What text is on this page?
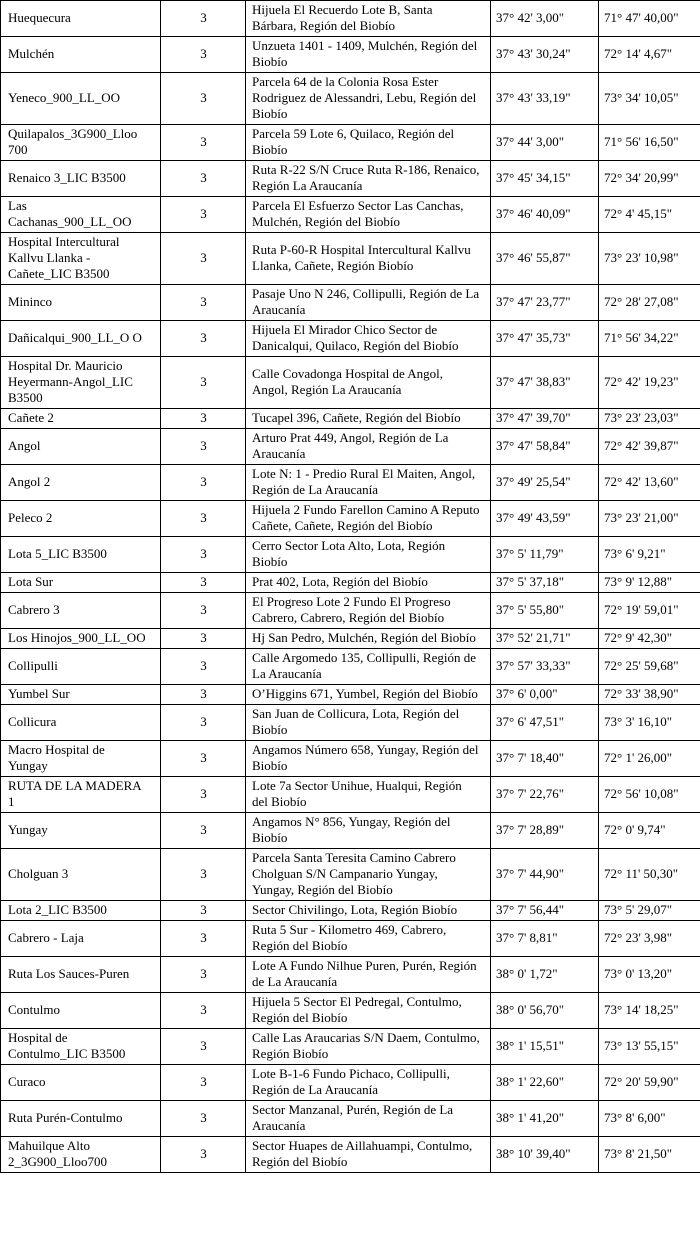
Huequecura	3	Hijuela El Recuerdo Lote B, Santa Bárbara, Región del Biobío	37° 42' 3,00"	71° 47' 40,00"
Mulchén	3	Unzueta 1401 - 1409, Mulchén, Región del Biobío	37° 43' 30,24"	72° 14' 4,67"
Yeneco_900_LL_OO	3	Parcela 64 de la Colonia Rosa Ester Rodriguez de Alessandri, Lebu, Región del Biobío	37° 43' 33,19"	73° 34' 10,05"
Quilapalos_3G900_Lloo 700	3	Parcela 59 Lote 6, Quilaco, Región del Biobío	37° 44' 3,00"	71° 56' 16,50"
Renaico 3_LIC B3500	3	Ruta R-22 S/N Cruce Ruta R-186, Renaico, Región La Araucanía	37° 45' 34,15"	72° 34' 20,99"
Las Cachanas_900_LL_OO	3	Parcela El Esfuerzo Sector Las Canchas, Mulchén, Región del Biobío	37° 46' 40,09"	72° 4' 45,15"
Hospital Intercultural Kallvu Llanka - Cañete_LIC B3500	3	Ruta P-60-R Hospital Intercultural Kallvu Llanka, Cañete, Región Biobío	37° 46' 55,87"	73° 23' 10,98"
Mininco	3	Pasaje Uno N 246, Collipulli, Región de La Araucanía	37° 47' 23,77"	72° 28' 27,08"
Dañicalqui_900_LL_O O	3	Hijuela El Mirador Chico Sector de Danicalqui, Quilaco, Región del Biobío	37° 47' 35,73"	71° 56' 34,22"
Hospital Dr. Mauricio Heyermann-Angol_LIC B3500	3	Calle Covadonga Hospital de Angol, Angol, Región La Araucanía	37° 47' 38,83"	72° 42' 19,23"
Cañete 2	3	Tucapel 396, Cañete, Región del Biobío	37° 47' 39,70"	73° 23' 23,03"
Angol	3	Arturo Prat 449, Angol, Región de La Araucanía	37° 47' 58,84"	72° 42' 39,87"
Angol 2	3	Lote N: 1 - Predio Rural El Maiten, Angol, Región de La Araucanía	37° 49' 25,54"	72° 42' 13,60"
Peleco 2	3	Hijuela 2 Fundo Farellon Camino A Reputo Cañete, Cañete, Región del Biobío	37° 49' 43,59"	73° 23' 21,00"
Lota 5_LIC B3500	3	Cerro Sector Lota Alto, Lota, Región Biobío	37° 5' 11,79"	73° 6' 9,21"
Lota Sur	3	Prat 402, Lota, Región del Biobío	37° 5' 37,18"	73° 9' 12,88"
Cabrero 3	3	El Progreso Lote 2 Fundo El Progreso Cabrero, Cabrero, Región del Biobío	37° 5' 55,80"	72° 19' 59,01"
Los Hinojos_900_LL_OO	3	Hj San Pedro, Mulchén, Región del Biobío	37° 52' 21,71"	72° 9' 42,30"
Collipulli	3	Calle Argomedo 135, Collipulli, Región de La Araucanía	37° 57' 33,33"	72° 25' 59,68"
Yumbel Sur	3	O’Higgins 671, Yumbel, Región del Biobío	37° 6' 0,00"	72° 33' 38,90"
Collicura	3	San Juan de Collicura, Lota, Región del Biobío	37° 6' 47,51"	73° 3' 16,10"
Macro Hospital de Yungay	3	Angamos Número 658, Yungay, Región del Biobío	37° 7' 18,40"	72° 1' 26,00"
RUTA DE LA MADERA 1	3	Lote 7a Sector Unihue, Hualqui, Región del Biobío	37° 7' 22,76"	72° 56' 10,08"
Yungay	3	Angamos N° 856, Yungay, Región del Biobío	37° 7' 28,89"	72° 0' 9,74"
Cholguan 3	3	Parcela Santa Teresita Camino Cabrero Cholguan S/N Campanario Yungay, Yungay, Región del Biobío	37° 7' 44,90"	72° 11' 50,30"
Lota 2_LIC B3500	3	Sector Chivilingo, Lota, Región Biobío	37° 7' 56,44"	73° 5' 29,07"
Cabrero - Laja	3	Ruta 5 Sur - Kilometro 469, Cabrero, Región del Biobío	37° 7' 8,81"	72° 23' 3,98"
Ruta Los Sauces-Puren	3	Lote A Fundo Nilhue Puren, Purén, Región de La Araucanía	38° 0' 1,72"	73° 0' 13,20"
Contulmo	3	Hijuela 5 Sector El Pedregal, Contulmo, Región del Biobío	38° 0' 56,70"	73° 14' 18,25"
Hospital de Contulmo_LIC B3500	3	Calle Las Araucarias S/N Daem, Contulmo, Región Biobío	38° 1' 15,51"	73° 13' 55,15"
Curaco	3	Lote B-1-6 Fundo Pichaco, Collipulli, Región de La Araucanía	38° 1' 22,60"	72° 20' 59,90"
Ruta Purén-Contulmo	3	Sector Manzanal, Purén, Región de La Araucanía	38° 1' 41,20"	73° 8' 6,00"
Mahuilque Alto 2_3G900_Lloo700	3	Sector Huapes de Aillahuampi, Contulmo, Región del Biobío	38° 10' 39,40"	73° 8' 21,50"
